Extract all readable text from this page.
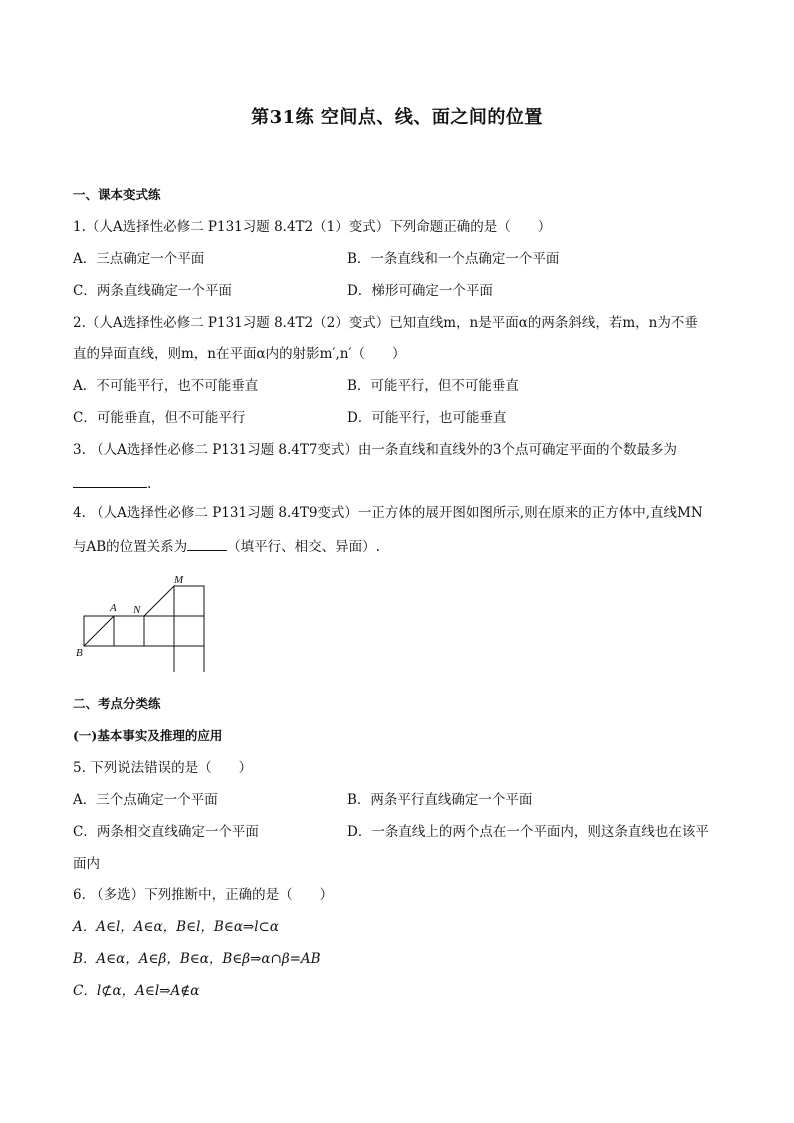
第31练 空间点、线、面之间的位置
一、课本变式练
1.（人A选择性必修二 P131习题 8.4T2（1）变式）下列命题正确的是（　　）
A．三点确定一个平面	B．一条直线和一个点确定一个平面
C．两条直线确定一个平面	D．梯形可确定一个平面
2.（人A选择性必修二 P131习题 8.4T2（2）变式）已知直线m，n是平面α的两条斜线，若m，n为不垂
直的异面直线，则m，n在平面α内的射影m′,n′（　　）
A．不可能平行，也不可能垂直	B．可能平行，但不可能垂直
C．可能垂直，但不可能平行	D．可能平行，也可能垂直
3. （人A选择性必修二 P131习题 8.4T7变式）由一条直线和直线外的3个点可确定平面的个数最多为
.
4. （人A选择性必修二 P131习题 8.4T9变式）一正方体的展开图如图所示,则在原来的正方体中,直线MN
与AB的位置关系为	（填平行、相交、异面）.
M
N
A
B
二、考点分类练
(一)基本事实及推理的应用
5. 下列说法错误的是（　　）
A．三个点确定一个平面	B．两条平行直线确定一个平面
C．两条相交直线确定一个平面	D．一条直线上的两个点在一个平面内，则这条直线也在该平
面内
6. （多选）下列推断中，正确的是（　　）
A．A∈l，A∈α，B∈l，B∈α⇒l⊂α
B．A∈α，A∈β，B∈α，B∈β⇒α∩β=AB
C．l⊄α，A∈l⇒A∉α
